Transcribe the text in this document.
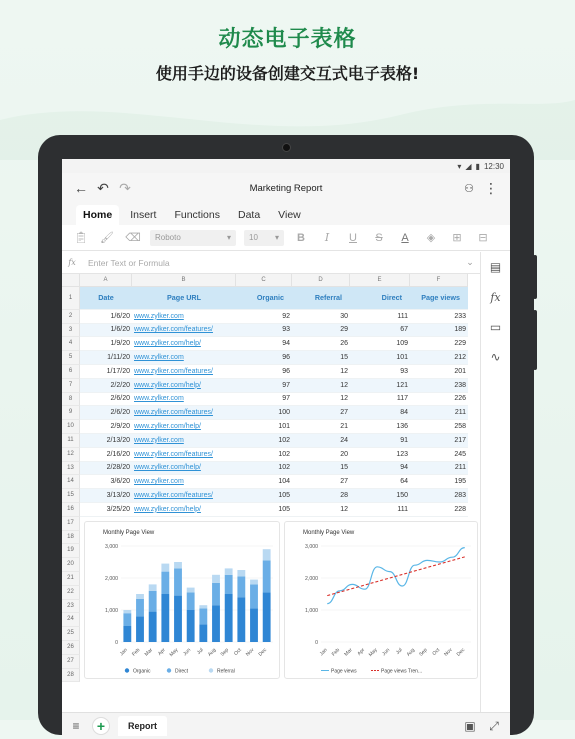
动态电子表格
使用手边的设备创建交互式电子表格!
▾ ◢ ▮ 12:30
← ↶ ↷	Marketing Report	⚇ ⋮
Home	Insert	Functions	Data	View
📋︎	🖌︎	⌫	Roboto	▾ 10 ▾	B	I	U	S	A	◈	⊞	⊟
fx	Enter Text or Formula	⌄	▤
fx
▭
∿
A	B	C	D	E	F
1
2
3
4
5
6
7
8
9
10
11
12
13
14
15
16
17
18
19
20
21
22
23
24
25
26
27
28
Date	Page URL	Organic	Referral	Direct	Page views
1/6/20 www.zylker.com	92	30	111	233
1/6/20 www.zylker.com/features/	93	29	67	189
1/9/20 www.zylker.com/help/	94	26	109	229
1/11/20 www.zylker.com	96	15	101	212
1/17/20 www.zylker.com/features/	96	12	93	201
2/2/20 www.zylker.com/help/	97	12	121	238
2/6/20 www.zylker.com	97	12	117	226
2/6/20 www.zylker.com/features/	100	27	84	211
2/9/20 www.zylker.com/help/	101	21	136	258
2/13/20 www.zylker.com	102	24	91	217
2/16/20 www.zylker.com/features/	102	20	123	245
2/28/20 www.zylker.com/help/	102	15	94	211
3/6/20 www.zylker.com	104	27	64	195
3/13/20 www.zylker.com/features/	105	28	150	283
3/25/20 www.zylker.com/help/	105	12	111	228
Monthly Page View
0
1,000
2,000
3,000
Jan Feb Mar Apr May Jun Jul Aug Sep Oct Nov Dec
Organic	Direct	Referral
Monthly Page View
0
1,000
2,000
3,000
Jan Feb Mar Apr May Jun Jul Aug Sep Oct Nov Dec
Page views	Page views Tren...
≡	+	Report	▣	⤢
